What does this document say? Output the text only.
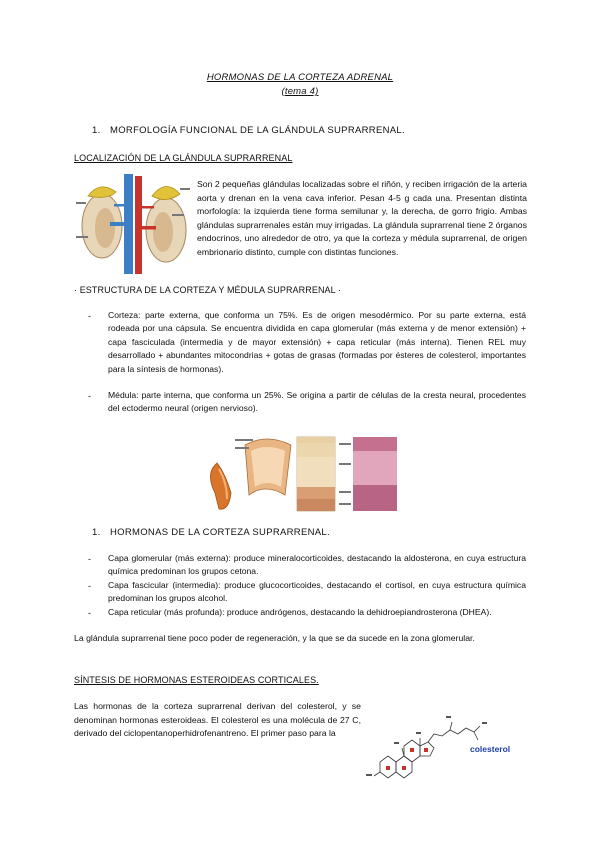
HORMONAS DE LA CORTEZA ADRENAL
(tema 4)
1. MORFOLOGÍA FUNCIONAL DE LA GLÁNDULA SUPRARRENAL.
LOCALIZACIÓN DE LA GLÁNDULA SUPRARRENAL
Son 2 pequeñas glándulas localizadas sobre el riñón, y reciben irrigación de la arteria aorta y drenan en la vena cava inferior. Pesan 4-5 g cada una. Presentan distinta morfología: la izquierda tiene forma semilunar y, la derecha, de gorro frigio. Ambas glándulas suprarrenales están muy irrigadas. La glándula suprarrenal tiene 2 órganos endocrinos, uno alrededor de otro, ya que la corteza y médula suprarrenal, de origen embrionario distinto, cumple con distintas funciones.
· ESTRUCTURA DE LA CORTEZA Y MÉDULA SUPRARRENAL ·
- Corteza: parte externa, que conforma un 75%. Es de origen mesodérmico. Por su parte externa, está rodeada por una cápsula. Se encuentra dividida en capa glomerular (más externa y de menor extensión) + capa fasciculada (intermedia y de mayor extensión) + capa reticular (más interna). Tienen REL muy desarrollado + abundantes mitocondrias + gotas de grasas (formadas por ésteres de colesterol, importantes para la síntesis de hormonas).
- Médula: parte interna, que conforma un 25%. Se origina a partir de células de la cresta neural, procedentes del ectodermo neural (origen nervioso).
1. HORMONAS DE LA CORTEZA SUPRARRENAL.
- Capa glomerular (más externa): produce mineralocorticoides, destacando la aldosterona, en cuya estructura química predominan los grupos cetona.
- Capa fascicular (intermedia): produce glucocorticoides, destacando el cortisol, en cuya estructura química predominan los grupos alcohol.
- Capa reticular (más profunda): produce andrógenos, destacando la dehidroepiandrosterona (DHEA).
La glándula suprarrenal tiene poco poder de regeneración, y la que se da sucede en la zona glomerular.
SÍNTESIS DE HORMONAS ESTEROIDEAS CORTICALES.
Las hormonas de la corteza suprarrenal derivan del colesterol, y se denominan hormonas esteroideas. El colesterol es una molécula de 27 C, derivado del ciclopentanoperhidrofenantreno. El primer paso para la
colesterol
